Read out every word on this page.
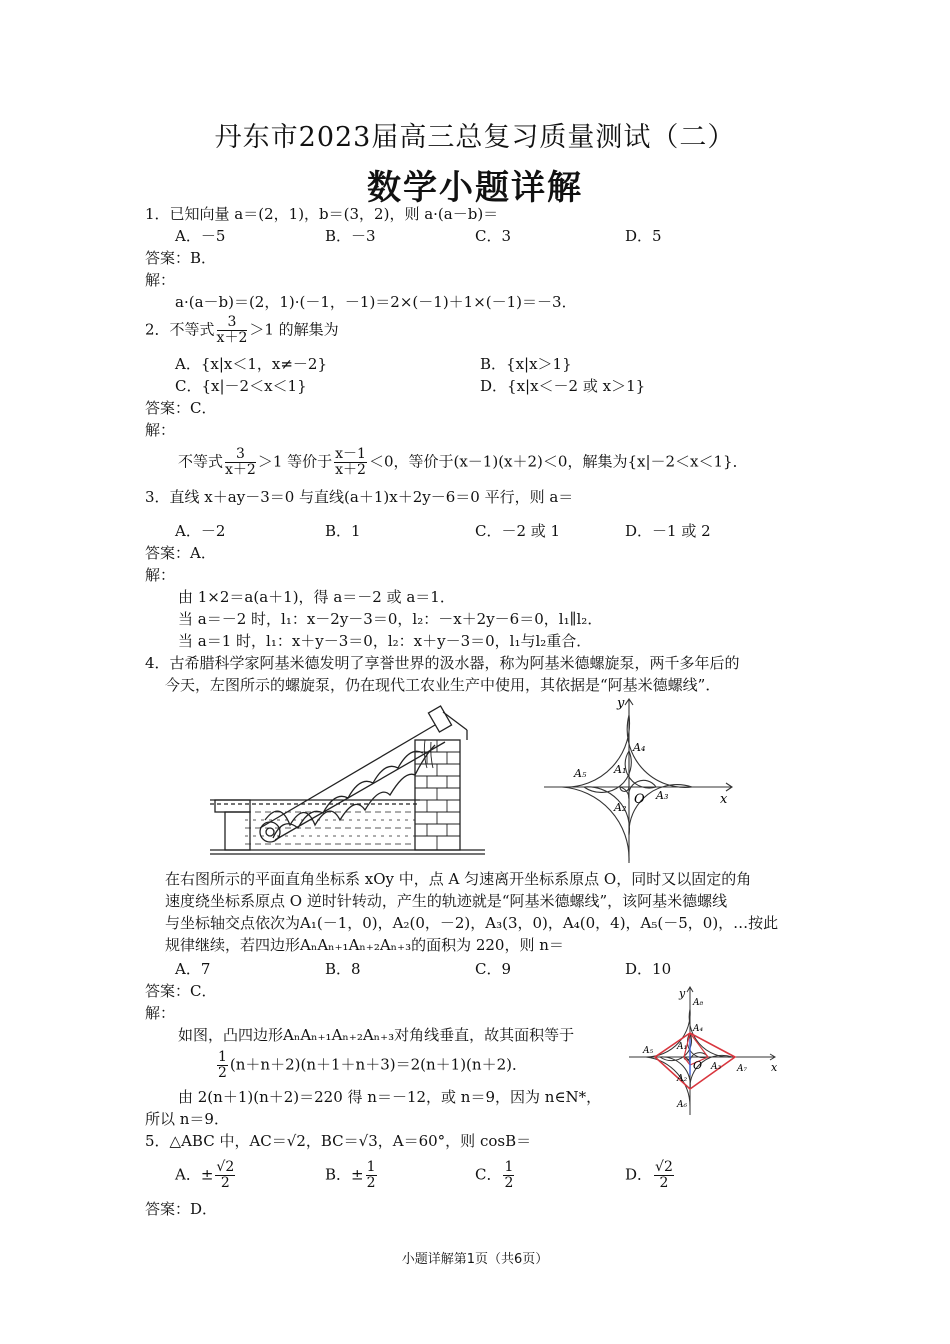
丹东市2023届高三总复习质量测试（二）
数学小题详解
1．已知向量 a＝(2，1)，b＝(3，2)，则 a·(a－b)＝
A．－5	B．－3	C．3	D．5
答案：B．
解：
a·(a－b)＝(2，1)·(－1，－1)＝2×(－1)＋1×(－1)＝－3．
2．不等式 $\frac{3}{x+2} >1$ 的解集为
A．{x|x＜1，x≠－2}	B．{x|x＞1}
C．{x|－2＜x＜1}	D．{x|x＜－2 或 x＞1}
答案：C．
解：
不等式 $\frac{3}{x+2} >1$ 等价于 $\frac{x-1}{x+2} <0$，等价于(x－1)(x＋2)＜0，解集为{x|－2＜x＜1}．
3．直线 x＋ay－3＝0 与直线(a＋1)x＋2y－6＝0 平行，则 a＝
A．－2	B．1	C．－2 或 1	D．－1 或 2
答案：A．
解：
由 1×2＝a(a＋1)，得 a＝－2 或 a＝1．
当 a＝－2 时，l₁：x－2y－3＝0，l₂：－x＋2y－6＝0，l₁∥l₂．
当 a＝1 时，l₁：x＋y－3＝0，l₂：x＋y－3＝0，l₁与l₂重合．
4．古希腊科学家阿基米德发明了享誉世界的汲水器，称为阿基米德螺旋泵，两千多年后的
今天，左图所示的螺旋泵，仍在现代工农业生产中使用，其依据是“阿基米德螺线”．
x
y
O
A₁
A₂
A₃
A₄
A₅
在右图所示的平面直角坐标系 xOy 中，点 A 匀速离开坐标系原点 O，同时又以固定的角
速度绕坐标系原点 O 逆时针转动，产生的轨迹就是“阿基米德螺线”，该阿基米德螺线
与坐标轴交点依次为A₁(－1，0)，A₂(0，－2)，A₃(3，0)，A₄(0，4)，A₅(－5，0)，…按此
规律继续，若四边形AₙAₙ₊₁Aₙ₊₂Aₙ₊₃的面积为 220，则 n＝
A．7	B．8	C．9	D．10
答案：C．
解：
如图，凸四边形AₙAₙ₊₁Aₙ₊₂Aₙ₊₃对角线垂直，故其面积等于
$\frac{1}{2} (n+n+2)(n+1+n+3)=2(n+1)(n+2)$．
由 2(n＋1)(n＋2)＝220 得 n＝－12，或 n＝9，因为 n∈N*，
所以 n＝9．
x
y
O
A₁
A₂
A₃
A₄
A₅
A₆
A₇
A₈
5．△ABC 中，AC＝√2，BC＝√3，A＝60°，则 cosB＝
A．± $\frac{√2}{2}$	B．± $\frac{1}{2}$	C． $\frac{1}{2}$	D． $\frac{√2}{2}$
答案：D．
小题详解第1页（共6页）
